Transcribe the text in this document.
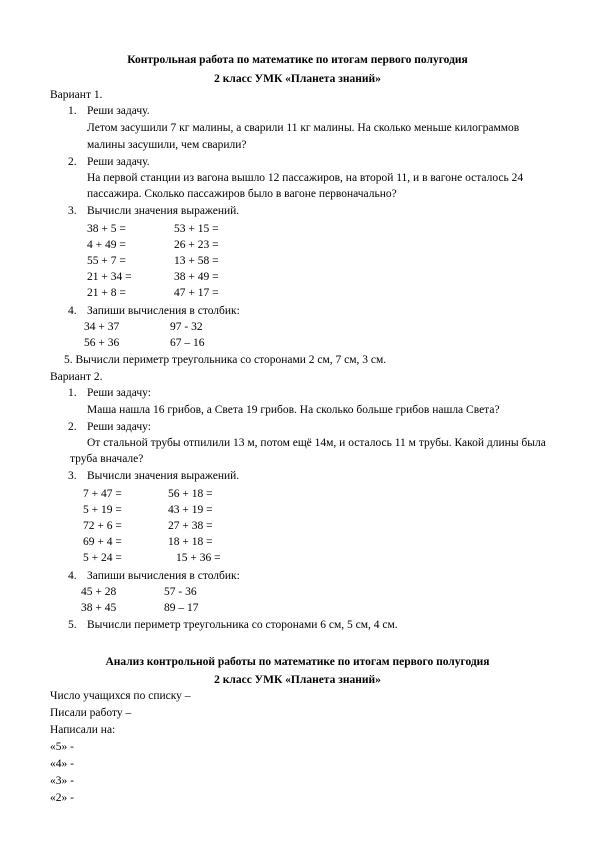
Контрольная работа по математике по итогам первого полугодия
2 класс УМК «Планета знаний»
Вариант 1.
1. Реши задачу.
Летом засушили 7 кг малины, а сварили 11 кг малины. На сколько меньше килограммов
малины засушили, чем сварили?
2. Реши задачу.
На первой станции из вагона вышло 12 пассажиров, на второй 11, и в вагоне осталось 24
пассажира. Сколько пассажиров было в вагоне первоначально?
3. Вычисли значения выражений.
38 + 5 =	53 + 15 =
4 + 49 =	26 + 23 =
55 + 7 =	13 + 58 =
21 + 34 =	38 + 49 =
21 + 8 =	47 + 17 =
4. Запиши вычисления в столбик:
34 + 37	97 - 32
56 + 36	67 – 16
5. Вычисли периметр треугольника со сторонами 2 см, 7 см, 3 см.
Вариант 2.
1. Реши задачу:
Маша нашла 16 грибов, а Света 19 грибов. На сколько больше грибов нашла Света?
2. Реши задачу:
От стальной трубы отпилили 13 м, потом ещё 14м, и осталось 11 м трубы. Какой длины была
труба вначале?
3. Вычисли значения выражений.
7 + 47 =	56 + 18 =
5 + 19 =	43 + 19 =
72 + 6 =	27 + 38 =
69 + 4 =	18 + 18 =
5 + 24 =	15 + 36 =
4. Запиши вычисления в столбик:
45 + 28	57 - 36
38 + 45	89 – 17
5. Вычисли периметр треугольника со сторонами 6 см, 5 см, 4 см.
Анализ контрольной работы по математике по итогам первого полугодия
2 класс УМК «Планета знаний»
Число учащихся по списку –
Писали работу –
Написали на:
«5» -
«4» -
«3» -
«2» -
